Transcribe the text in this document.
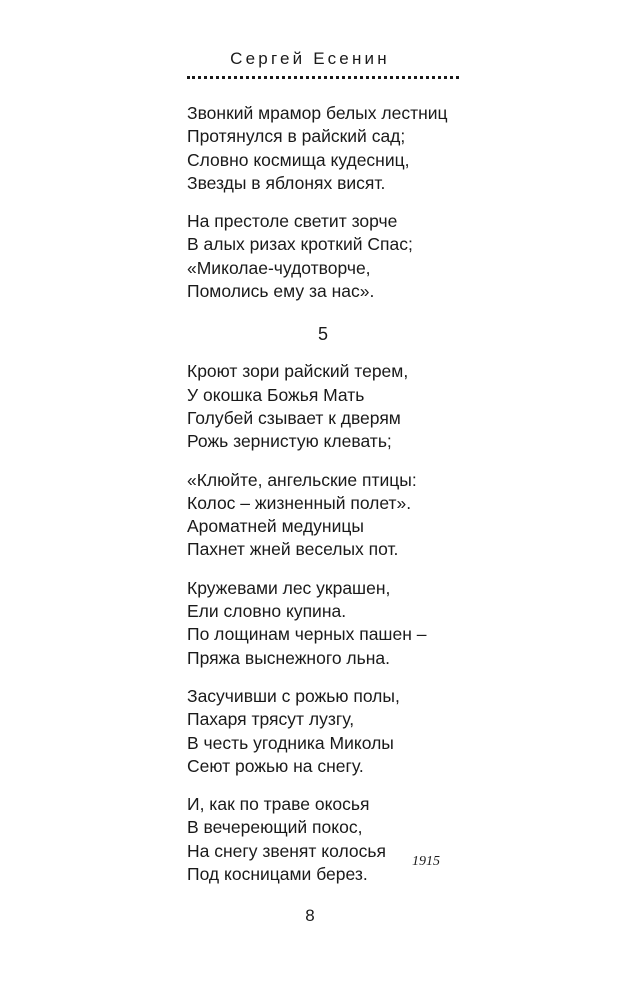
Сергей Есенин
Звонкий мрамор белых лестниц
Протянулся в райский сад;
Словно космища кудесниц,
Звезды в яблонях висят.
На престоле светит зорче
В алых ризах кроткий Спас;
«Миколае-чудотворче,
Помолись ему за нас».
5
Кроют зори райский терем,
У окошка Божья Мать
Голубей сзывает к дверям
Рожь зернистую клевать;
«Клюйте, ангельские птицы:
Колос – жизненный полет».
Ароматней медуницы
Пахнет жней веселых пот.
Кружевами лес украшен,
Ели словно купина.
По лощинам черных пашен –
Пряжа выснежного льна.
Засучивши с рожью полы,
Пахаря трясут лузгу,
В честь угодника Миколы
Сеют рожью на снегу.
И, как по траве окосья
В вечереющий покос,
На снегу звенят колосья
Под косницами берез.
1915
8
